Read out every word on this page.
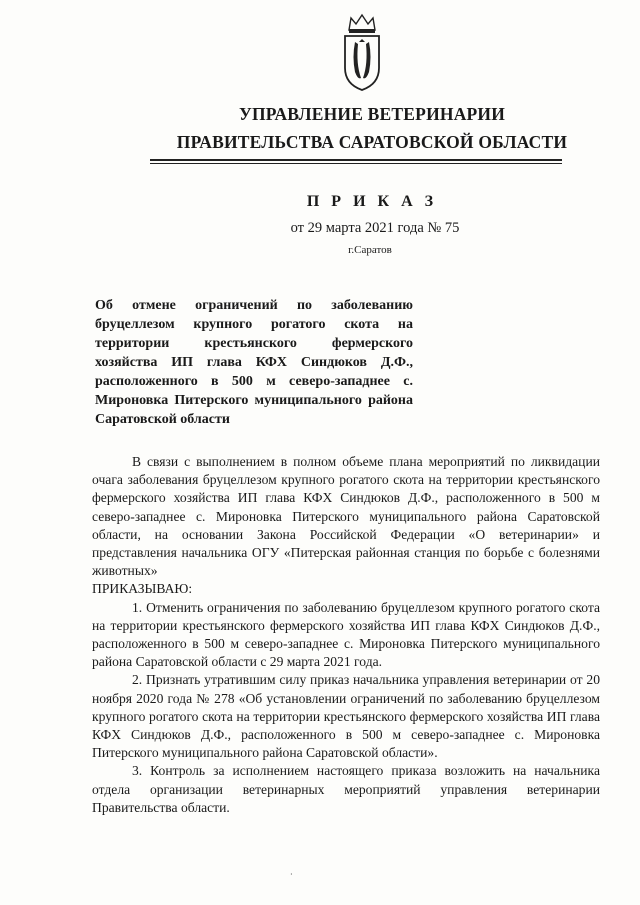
УПРАВЛЕНИЕ ВЕТЕРИНАРИИ
ПРАВИТЕЛЬСТВА САРАТОВСКОЙ ОБЛАСТИ
П Р И К А З
от 29 марта 2021 года № 75
г.Саратов
Об отмене ограничений по заболеванию бруцеллезом крупного рогатого скота на территории крестьянского фермерского хозяйства ИП глава КФХ Синдюков Д.Ф., расположенного в 500 м северо-западнее с. Мироновка Питерского муниципального района Саратовской области

В связи с выполнением в полном объеме плана мероприятий по ликвидации очага заболевания бруцеллезом крупного рогатого скота на территории крестьянского фермерского хозяйства ИП глава КФХ Синдюков Д.Ф., расположенного в 500 м северо-западнее с. Мироновка Питерского муниципального района Саратовской области, на основании Закона Российской Федерации «О ветеринарии» и представления начальника ОГУ «Питерская районная станция по борьбе с болезнями животных»

ПРИКАЗЫВАЮ:

1. Отменить ограничения по заболеванию бруцеллезом крупного рогатого скота на территории крестьянского фермерского хозяйства ИП глава КФХ Синдюков Д.Ф., расположенного в 500 м северо-западнее с. Мироновка Питерского муниципального района Саратовской области с 29 марта 2021 года.

2. Признать утратившим силу приказ начальника управления ветеринарии от 20 ноября 2020 года № 278 «Об установлении ограничений по заболеванию бруцеллезом крупного рогатого скота на территории крестьянского фермерского хозяйства ИП глава КФХ Синдюков Д.Ф., расположенного в 500 м северо-западнее с. Мироновка Питерского муниципального района Саратовской области».

3. Контроль за исполнением настоящего приказа возложить на начальника отдела организации ветеринарных мероприятий управления ветеринарии Правительства области.

·
